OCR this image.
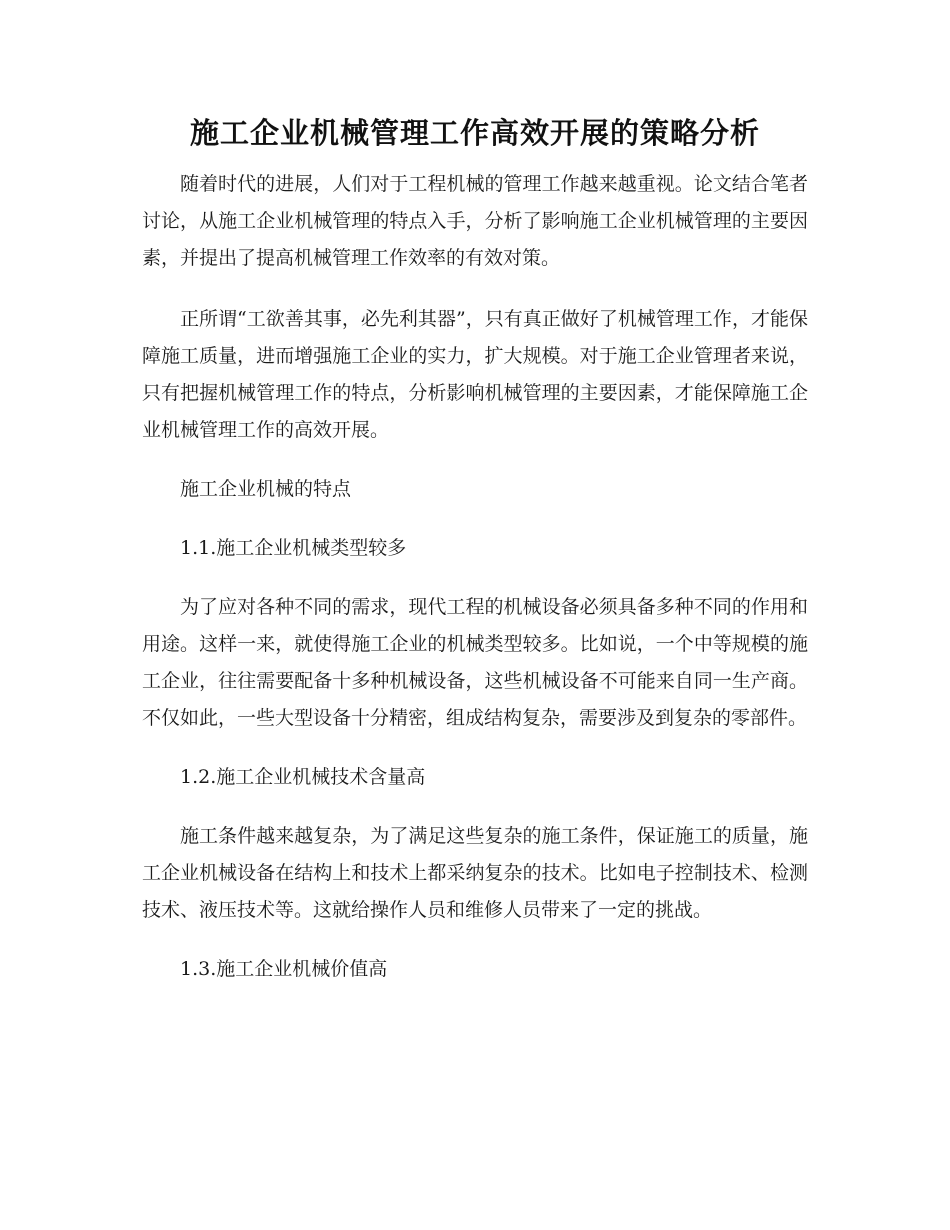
施工企业机械管理工作高效开展的策略分析

随着时代的进展，人们对于工程机械的管理工作越来越重视。论文结合笔者讨论，从施工企业机械管理的特点入手，分析了影响施工企业机械管理的主要因素，并提出了提高机械管理工作效率的有效对策。

正所谓“工欲善其事，必先利其器”，只有真正做好了机械管理工作，才能保障施工质量，进而增强施工企业的实力，扩大规模。对于施工企业管理者来说，只有把握机械管理工作的特点，分析影响机械管理的主要因素，才能保障施工企业机械管理工作的高效开展。

施工企业机械的特点

1.1.施工企业机械类型较多

为了应对各种不同的需求，现代工程的机械设备必须具备多种不同的作用和用途。这样一来，就使得施工企业的机械类型较多。比如说，一个中等规模的施工企业，往往需要配备十多种机械设备，这些机械设备不可能来自同一生产商。不仅如此，一些大型设备十分精密，组成结构复杂，需要涉及到复杂的零部件。

1.2.施工企业机械技术含量高

施工条件越来越复杂，为了满足这些复杂的施工条件，保证施工的质量，施工企业机械设备在结构上和技术上都采纳复杂的技术。比如电子控制技术、检测技术、液压技术等。这就给操作人员和维修人员带来了一定的挑战。

1.3.施工企业机械价值高
